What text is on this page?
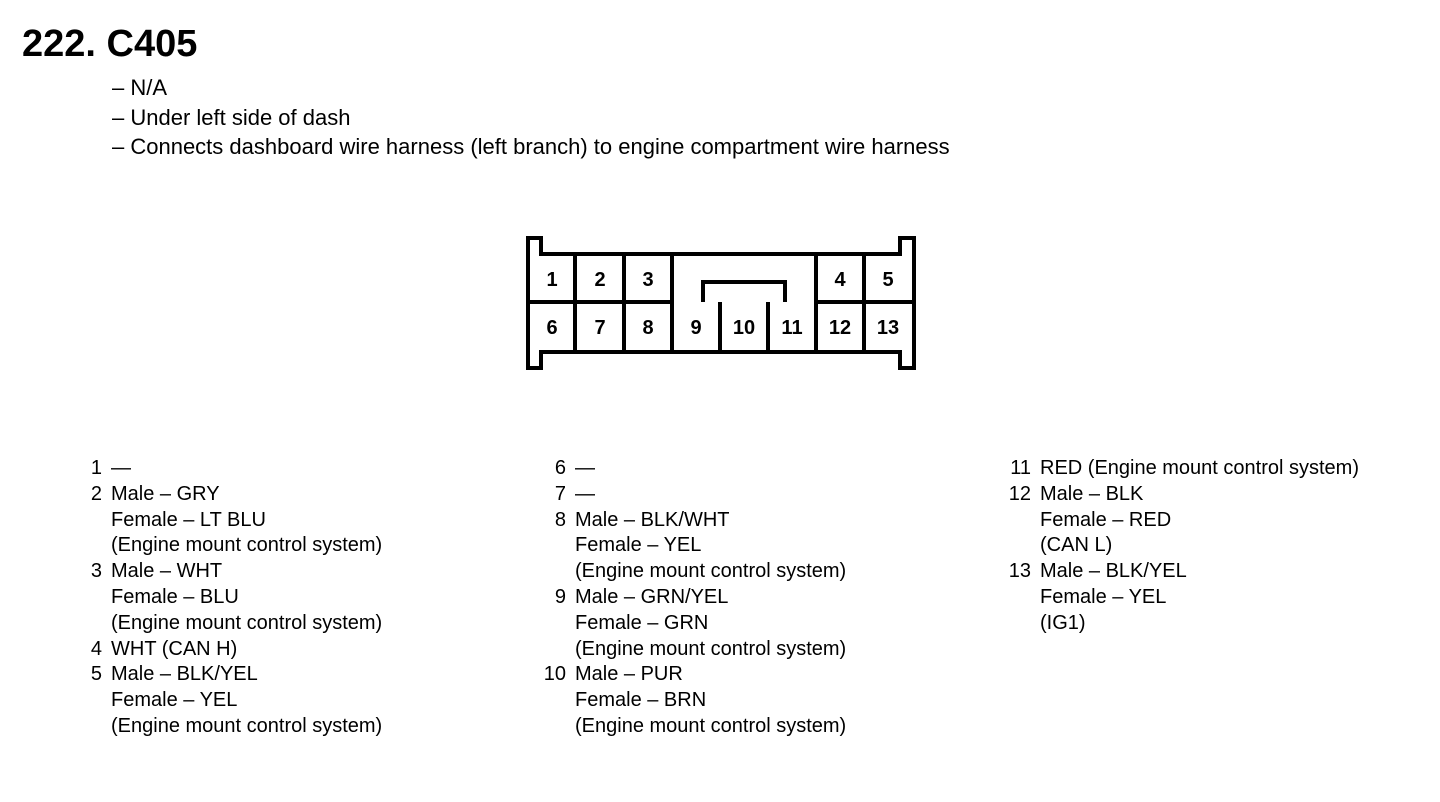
222. C405
– N/A
– Under left side of dash
– Connects dashboard wire harness (left branch) to engine compartment wire harness
1 2 3	4 5
6 7 8 9 10 11 12 13
1 —
2 Male – GRY
Female – LT BLU
(Engine mount control system)
3 Male – WHT
Female – BLU
(Engine mount control system)
4 WHT (CAN H)
5 Male – BLK/YEL
Female – YEL
(Engine mount control system)
6 —
7 —
8 Male – BLK/WHT
Female – YEL
(Engine mount control system)
9 Male – GRN/YEL
Female – GRN
(Engine mount control system)
10 Male – PUR
Female – BRN
(Engine mount control system)
11 RED (Engine mount control system)
12 Male – BLK
Female – RED
(CAN L)
13 Male – BLK/YEL
Female – YEL
(IG1)
